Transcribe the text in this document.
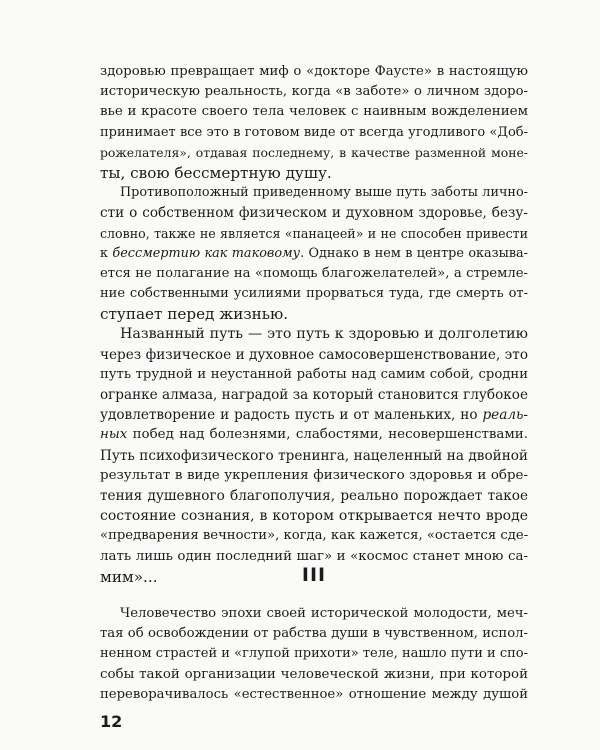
здоровью превращает миф о «докторе Фаусте» в настоящую
историческую реальность, когда «в заботе» о личном здоро-
вье и красоте своего тела человек с наивным вожделением
принимает все это в готовом виде от всегда угодливого «Доб-
рожелателя», отдавая последнему, в качестве разменной моне-
ты, свою бессмертную душу.
Противоположный приведенному выше путь заботы лично-
сти о собственном физическом и духовном здоровье, безу-
словно, также не является «панацеей» и не способен привести
к бессмертию как таковому. Однако в нем в центре оказыва-
ется не полагание на «помощь благожелателей», а стремле-
ние собственными усилиями прорваться туда, где смерть от-
ступает перед жизнью.
Названный путь — это путь к здоровью и долголетию
через физическое и духовное самосовершенствование, это
путь трудной и неустанной работы над самим собой, сродни
огранке алмаза, наградой за который становится глубокое
удовлетворение и радость пусть и от маленьких, но реаль-
ных побед над болезнями, слабостями, несовершенствами.
Путь психофизического тренинга, нацеленный на двойной
результат в виде укрепления физического здоровья и обре-
тения душевного благополучия, реально порождает такое
состояние сознания, в котором открывается нечто вроде
«предварения вечности», когда, как кажется, «остается сде-
лать лишь один последний шаг» и «космос станет мною са-
мим»...	III
Человечество эпохи своей исторической молодости, меч-
тая об освобождении от рабства души в чувственном, испол-
ненном страстей и «глупой прихоти» теле, нашло пути и спо-
собы такой организации человеческой жизни, при которой
переворачивалось «естественное» отношение между душой
12
